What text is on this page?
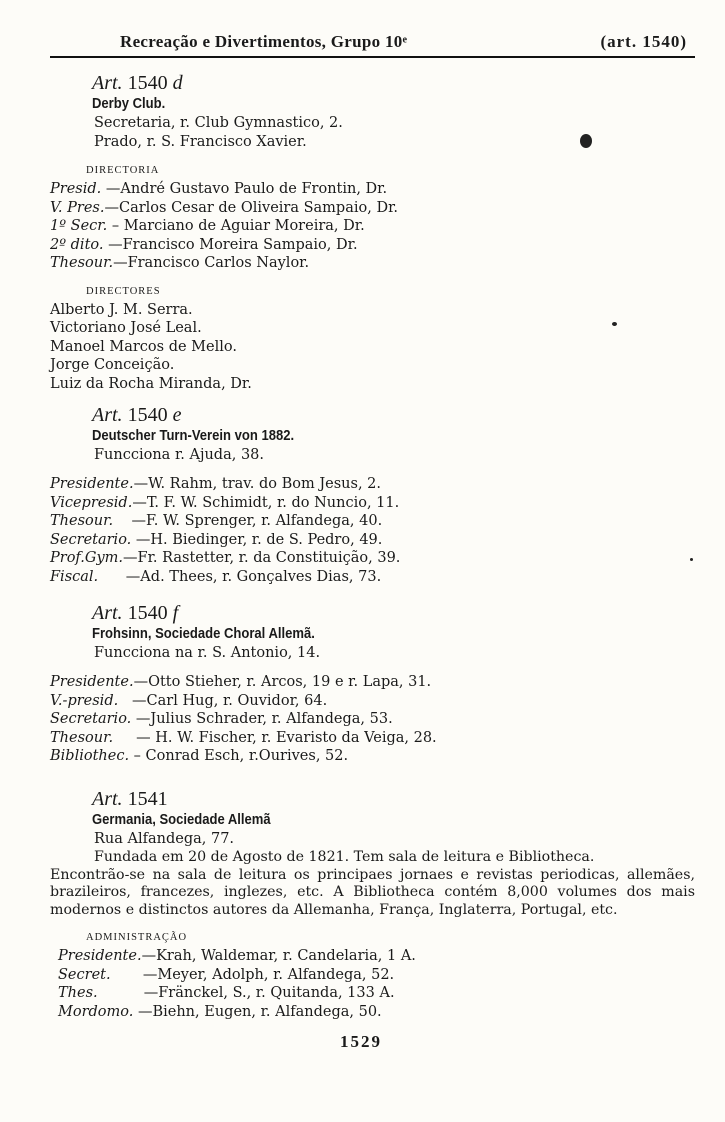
Recreação e Divertimentos, Grupo 10ᵉ	(art. 1540)
Art. 1540 d
Derby Club.
Secretaria, r. Club Gymnastico, 2.
Prado, r. S. Francisco Xavier.
DIRECTORIA
Presid. —André Gustavo Paulo de Frontin, Dr.
V. Pres.—Carlos Cesar de Oliveira Sampaio, Dr.
1º Secr. – Marciano de Aguiar Moreira, Dr.
2º dito. —Francisco Moreira Sampaio, Dr.
Thesour.—Francisco Carlos Naylor.
DIRECTORES
Alberto J. M. Serra.
Victoriano José Leal.
Manoel Marcos de Mello.
Jorge Conceição.
Luiz da Rocha Miranda, Dr.
Art. 1540 e
Deutscher Turn-Verein von 1882.
Funcciona r. Ajuda, 38.
Presidente.—W. Rahm, trav. do Bom Jesus, 2.
Vicepresid.—T. F. W. Schimidt, r. do Nuncio, 11.
Thesour.    —F. W. Sprenger, r. Alfandega, 40.
Secretario. —H. Biedinger, r. de S. Pedro, 49.
Prof.Gym.—Fr. Rastetter, r. da Constituição, 39.
Fiscal.      —Ad. Thees, r. Gonçalves Dias, 73.
Art. 1540 f
Frohsinn, Sociedade Choral Allemã.
Funcciona na r. S. Antonio, 14.
Presidente.—Otto Stieher, r. Arcos, 19 e r. Lapa, 31.
V.-presid.   —Carl Hug, r. Ouvidor, 64.
Secretario. —Julius Schrader, r. Alfandega, 53.
Thesour.     — H. W. Fischer, r. Evaristo da Veiga, 28.
Bibliothec. – Conrad Esch, r.Ourives, 52.
Art. 1541
Germania, Sociedade Allemã
Rua Alfandega, 77.
Fundada em 20 de Agosto de 1821. Tem sala de leitura e Bibliotheca.
Encontrão-se na sala de leitura os principaes jornaes e revistas periodicas, allemães, brazileiros, francezes, inglezes, etc. A Bibliotheca contém 8,000 volumes dos mais modernos e distinctos autores da Allemanha, França, Inglaterra, Portugal, etc.
ADMINISTRAÇÃO
Presidente.—Krah, Waldemar, r. Candelaria, 1 A.
Secret.       —Meyer, Adolph, r. Alfandega, 52.
Thes.          —Fränckel, S., r. Quitanda, 133 A.
Mordomo. —Biehn, Eugen, r. Alfandega, 50.
1529
